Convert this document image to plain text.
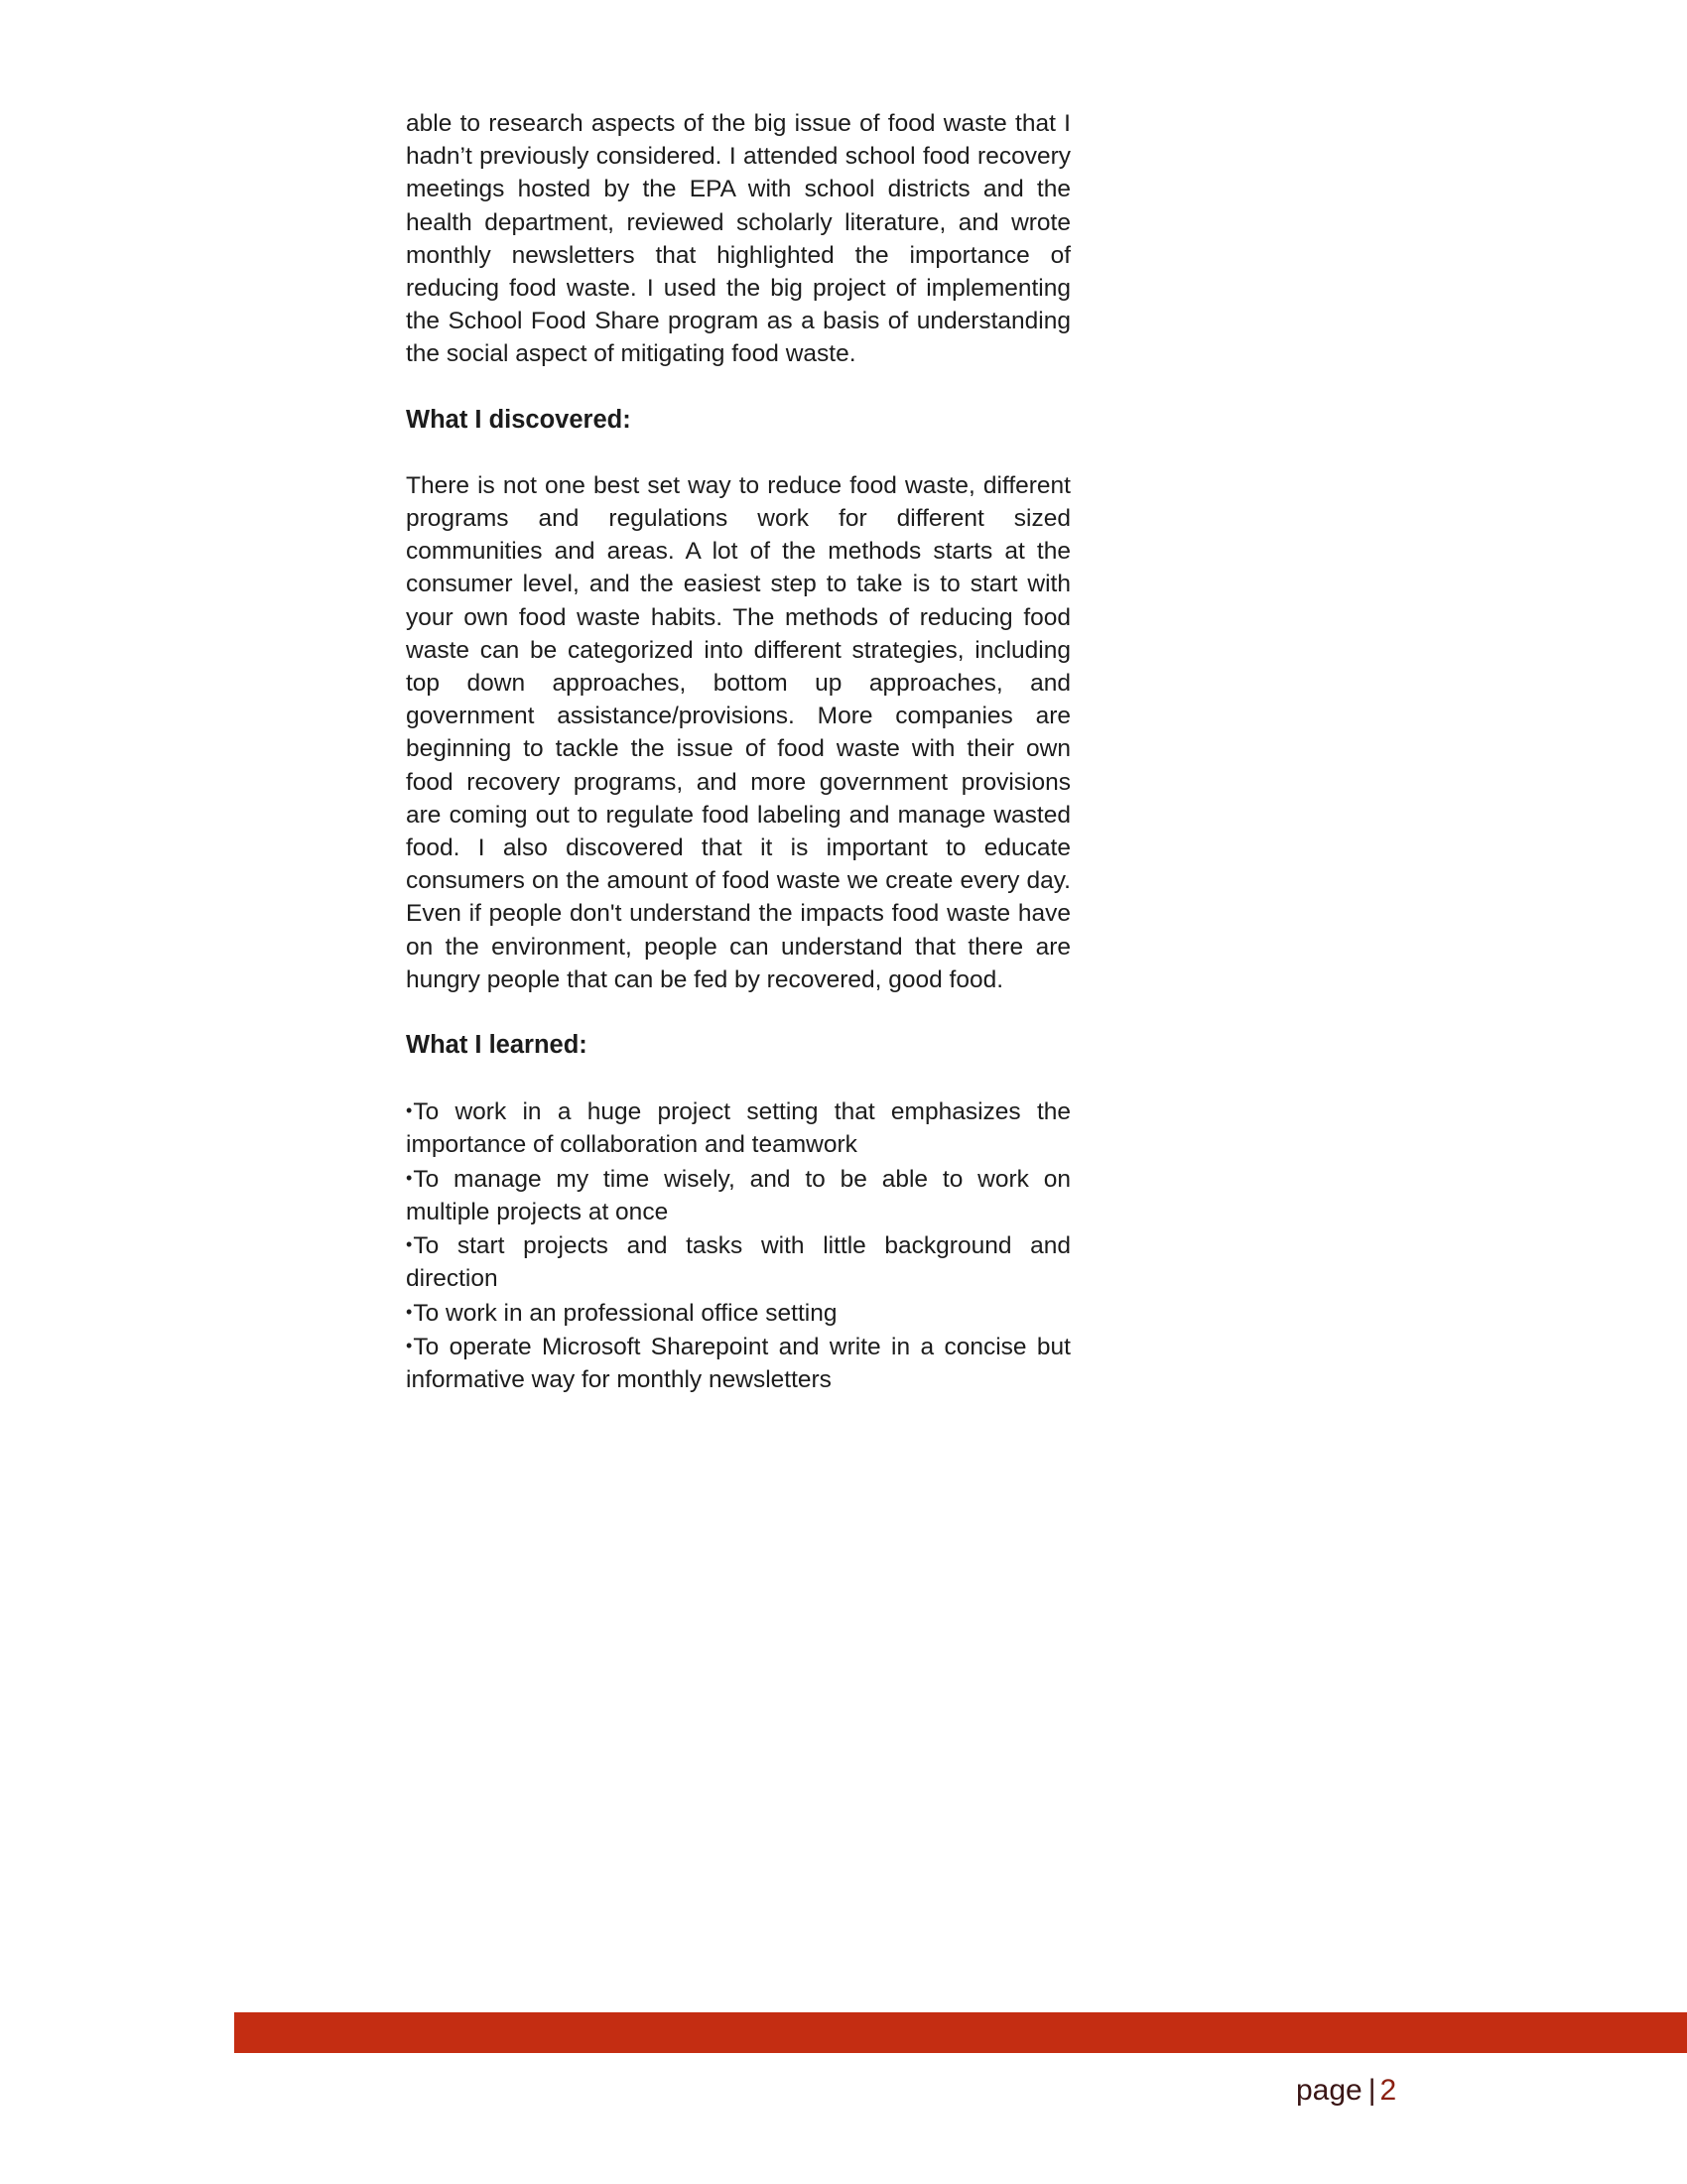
able to research aspects of the big issue of food waste that I hadn’t previously considered. I attended school food recovery meetings hosted by the EPA with school districts and the health department, reviewed scholarly literature, and wrote monthly newsletters that highlighted the importance of reducing food waste. I used the big project of implementing the School Food Share program as a basis of understanding the social aspect of mitigating food waste.

What I discovered:

There is not one best set way to reduce food waste, different programs and regulations work for different sized communities and areas. A lot of the methods starts at the consumer level, and the easiest step to take is to start with your own food waste habits. The methods of reducing food waste can be categorized into different strategies, including top down approaches, bottom up approaches, and government assistance/provisions. More companies are beginning to tackle the issue of food waste with their own food recovery programs, and more government provisions are coming out to regulate food labeling and manage wasted food. I also discovered that it is important to educate consumers on the amount of food waste we create every day. Even if people don't understand the impacts food waste have on the environment, people can understand that there are hungry people that can be fed by recovered, good food.

What I learned:
•To work in a huge project setting that emphasizes the importance of collaboration and teamwork
•To manage my time wisely, and to be able to work on multiple projects at once
•To start projects and tasks with little background and direction
•To work in an professional office setting
•To operate Microsoft Sharepoint and write in a concise but informative way for monthly newsletters
page | 2
